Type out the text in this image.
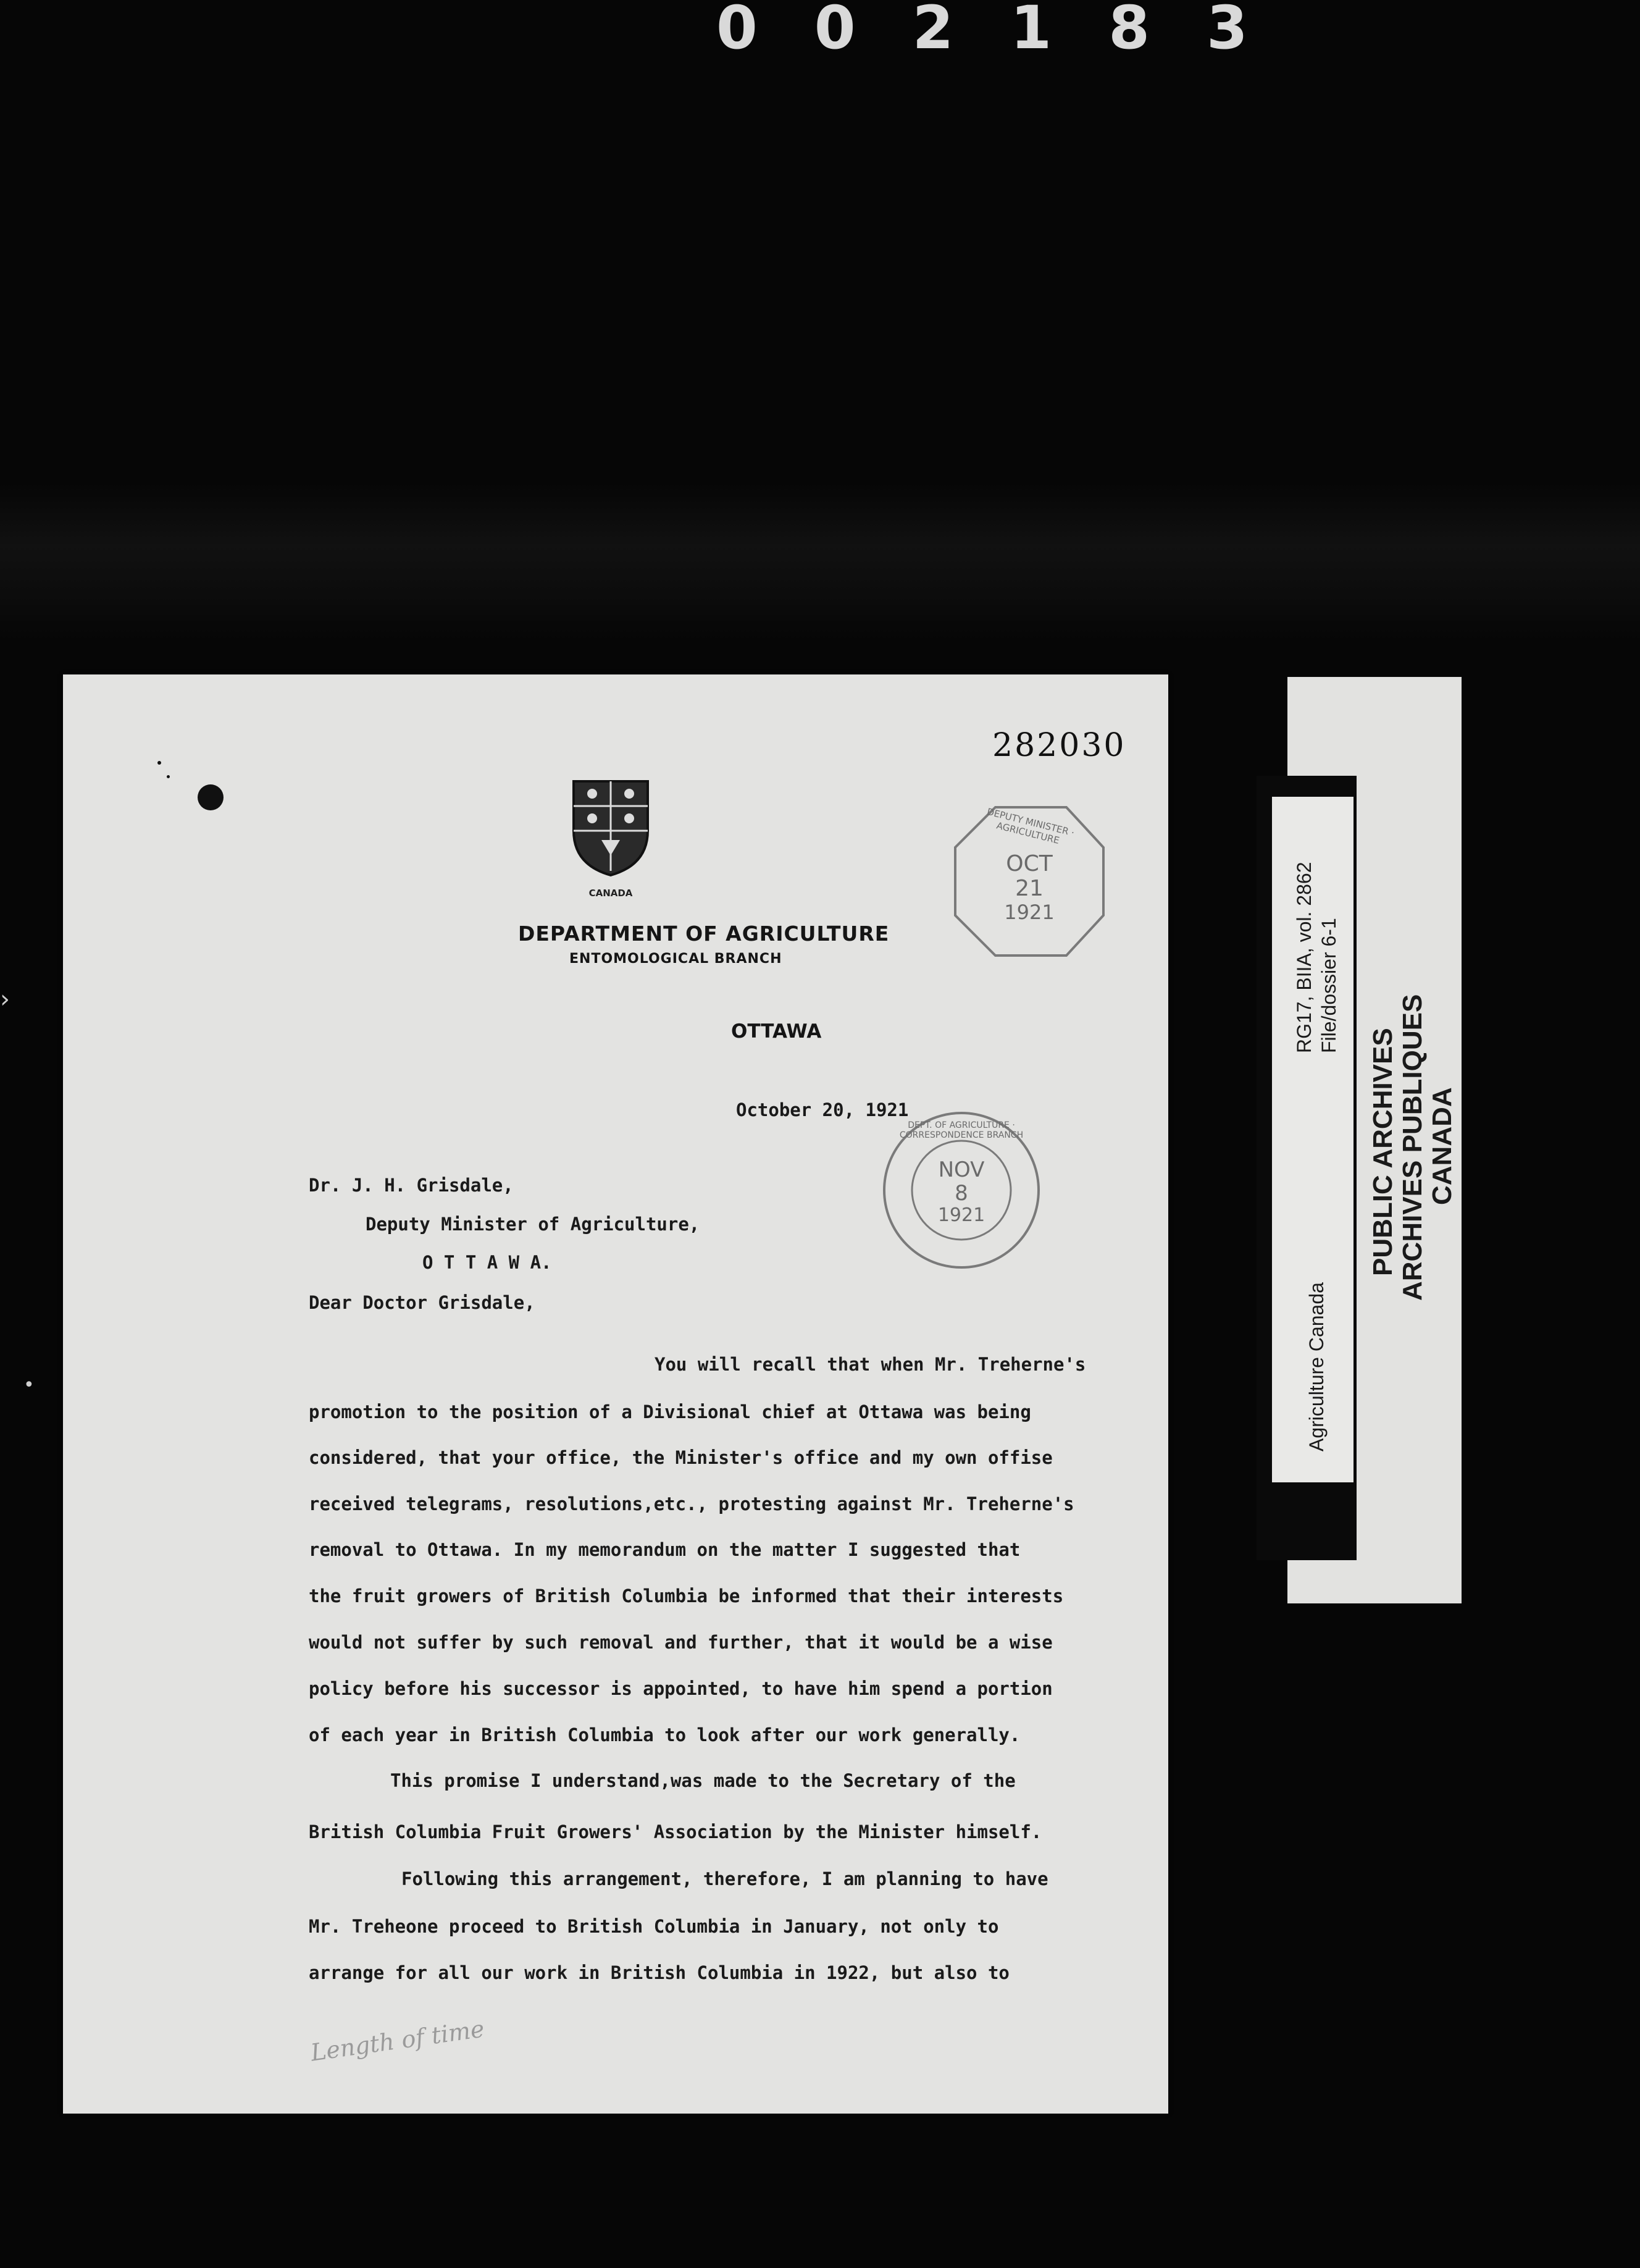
002183
›
•
282030
CANADA
DEPARTMENT OF AGRICULTURE
ENTOMOLOGICAL BRANCH
OTTAWA
DEPUTY MINISTER · AGRICULTURE
OCT
21
1921
DEPT. OF AGRICULTURE · CORRESPONDENCE BRANCH
NOV
8
1921
October 20, 1921
Dr. J. H. Grisdale,
Deputy Minister of Agriculture,
O T T A W A.
Dear Doctor Grisdale,
You will recall that when Mr. Treherne's
promotion to the position of a Divisional chief at Ottawa was being
considered, that your office, the Minister's office and my own offise
received telegrams, resolutions,etc., protesting against Mr. Treherne's
removal to Ottawa. In my memorandum on the matter I suggested that
the fruit growers of British Columbia be informed that their interests
would not suffer by such removal and further, that it would be a wise
policy before his successor is appointed, to have him spend a portion
of each year in British Columbia to look after our work generally.
This promise I understand,was made to the Secretary of the
British Columbia Fruit Growers' Association by the Minister himself.
Following this arrangement, therefore, I am planning to have
Mr. Treheone proceed to British Columbia in January, not only to
arrange for all our work in British Columbia in 1922, but also to
Length of time
PUBLIC ARCHIVES ARCHIVES PUBLIQUES CANADA
RG17, BIIA, vol. 2862 File/dossier 6-1
Agriculture Canada
